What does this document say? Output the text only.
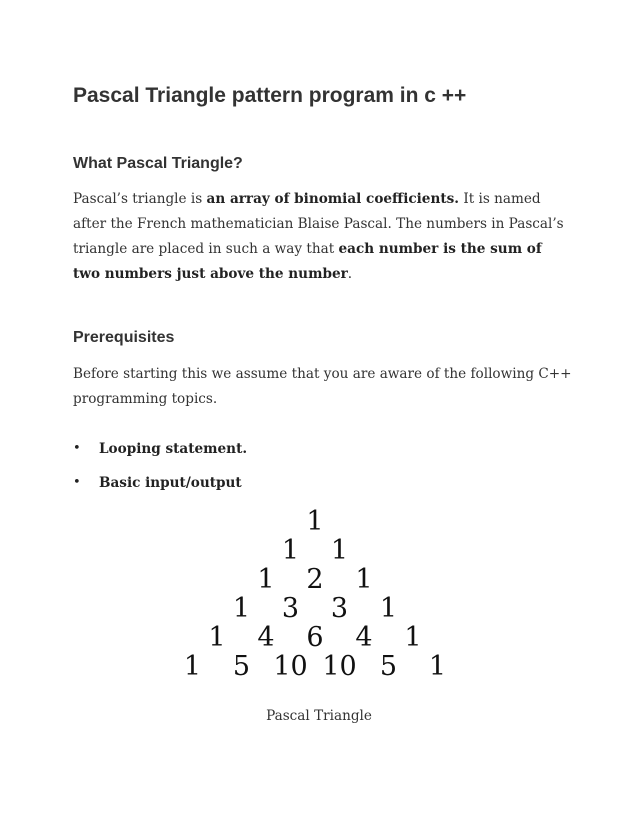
Pascal Triangle pattern program in c ++
What Pascal Triangle?

Pascal’s triangle is an array of binomial coefficients. It is named after the French mathematician Blaise Pascal. The numbers in Pascal’s triangle are placed in such a way that each number is the sum of two numbers just above the number.

Prerequisites

Before starting this we assume that you are aware of the following C++ programming topics.

• Looping statement.
• Basic input/output
1
1 1
1 2 1
1 3 3 1
1 4 6 4 1
1 5 10 10 5 1
Pascal Triangle
